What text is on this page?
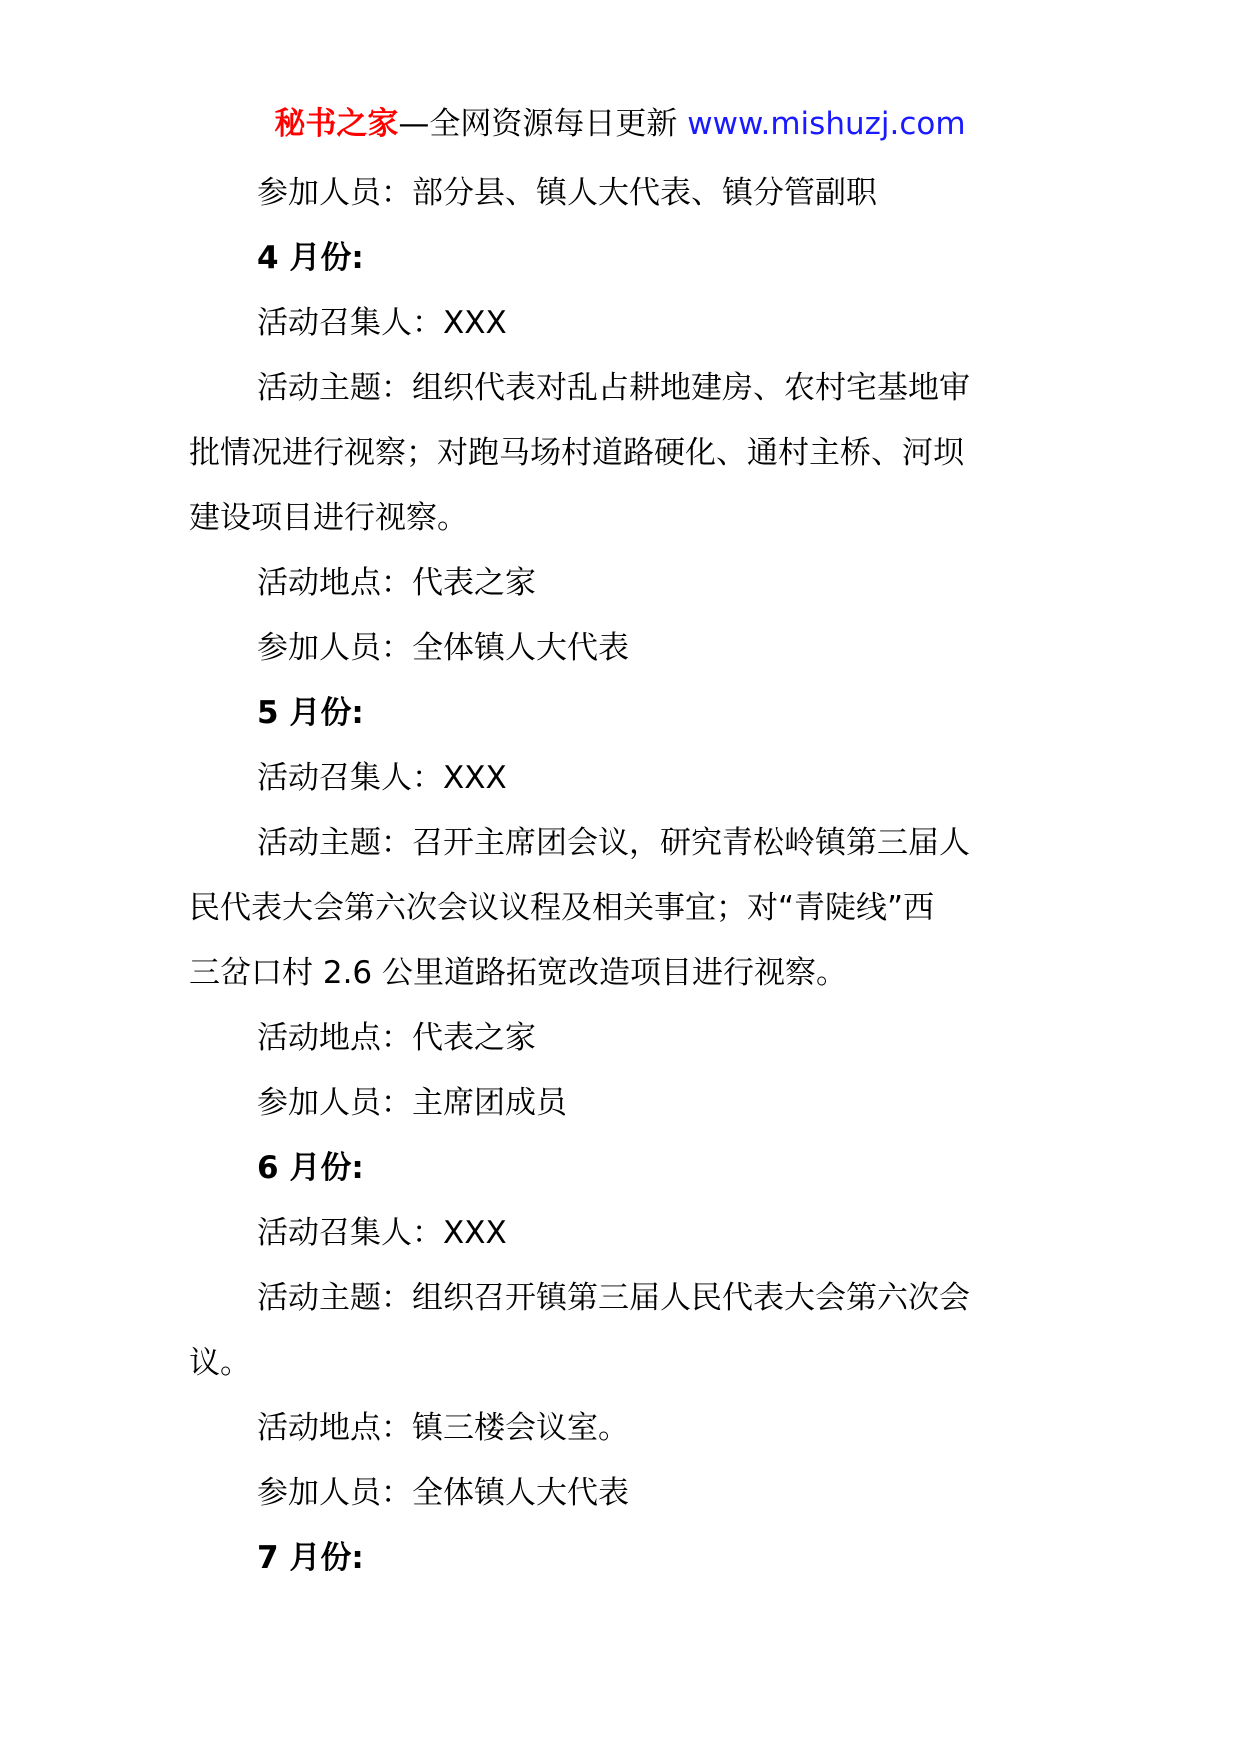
秘书之家—全网资源每日更新 www.mishuzj.com
参加人员：部分县、镇人大代表、镇分管副职
4 月份:
活动召集人：XXX
活动主题：组织代表对乱占耕地建房、农村宅基地审
批情况进行视察；对跑马场村道路硬化、通村主桥、河坝
建设项目进行视察。
活动地点：代表之家
参加人员：全体镇人大代表
5 月份:
活动召集人：XXX
活动主题：召开主席团会议，研究青松岭镇第三届人
民代表大会第六次会议议程及相关事宜；对“青陡线”西
三岔口村 2.6 公里道路拓宽改造项目进行视察。
活动地点：代表之家
参加人员：主席团成员
6 月份:
活动召集人：XXX
活动主题：组织召开镇第三届人民代表大会第六次会
议。
活动地点：镇三楼会议室。
参加人员：全体镇人大代表
7 月份:
